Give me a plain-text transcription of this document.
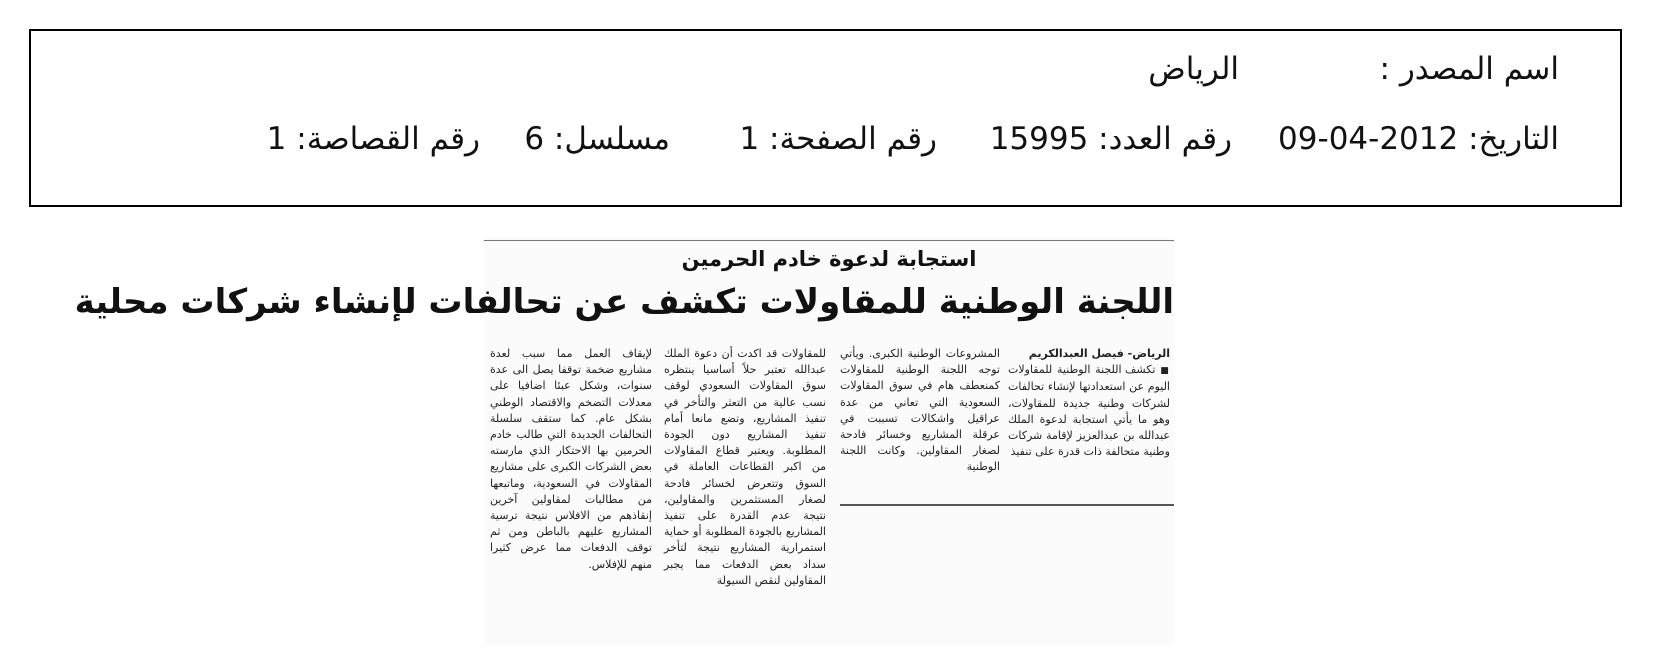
اسم المصدر :
الرياض
التاريخ: 2012-04-09
رقم العدد: 15995
رقم الصفحة: 1
مسلسل: 6
رقم القصاصة: 1
استجابة لدعوة خادم الحرمين
اللجنة الوطنية للمقاولات تكشف عن تحالفات لإنشاء شركات محلية

الرياض- فيصل العبدالكريم

■ تكشف اللجنة الوطنية للمقاولات اليوم عن استعدادتها لإنشاء تحالفات لشركات وطنية جديدة للمقاولات، وهو ما يأتي استجابة لدعوة الملك عبدالله بن عبدالعزيز لإقامة شركات وطنية متحالفة ذات قدرة على تنفيذ

المشروعات الوطنية الكبرى. ويأتي توجه اللجنة الوطنية للمقاولات كمنعطف هام في سوق المقاولات السعودية التي تعاني من عدة عراقيل واشكالات تسببت في عرقلة المشاريع وخسائر فادحة لصغار المقاولين. وكانت اللجنة الوطنية

للمقاولات قد اكدت أن دعوة الملك عبدالله تعتبر حلاً أساسيا ينتظره سوق المقاولات السعودي لوقف نسب عالية من التعثر والتأخر في تنفيذ المشاريع، وتضع مانعا أمام تنفيذ المشاريع دون الجودة المطلوبة. ويعتبر قطاع المقاولات من اكبر القطاعات العاملة في السوق وتتعرض لخسائر فادحة لصغار المستثمرين والمقاولين، نتيجة عدم القدرة على تنفيذ المشاريع بالجودة المطلوبة أو حماية استمرارية المشاريع نتيجة لتأخر سداد بعض الدفعات مما يجبر المقاولين لنقص السيولة

لإيقاف العمل مما سبب لعدة مشاريع ضخمة توقفا يصل الى عدة سنوات، وشكل عبئا اضافيا على معدلات التضخم والاقتصاد الوطني بشكل عام. كما ستقف سلسلة التحالفات الجديدة التي طالب خادم الحرمين بها الاحتكار الذي مارسته بعض الشركات الكبرى على مشاريع المقاولات في السعودية، وماتبعها من مطالبات لمقاولين آخرين إنقاذهم من الافلاس نتيجة ترسية المشاريع عليهم بالباطن ومن ثم توقف الدفعات مما عرض كثيرا منهم للإفلاس.
